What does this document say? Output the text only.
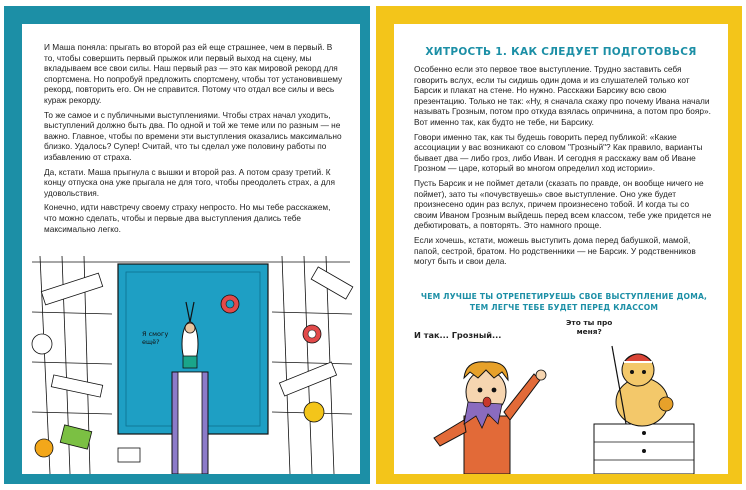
И Маша поняла: прыгать во второй раз ей еще страшнее, чем в первый. В то, чтобы совершить первый прыжок или первый выход на сцену, мы вкладываем все свои силы. Наш первый раз — это как мировой рекорд для спортсмена. Но попробуй предложить спортсмену, чтобы тот установившему рекорд, повторить его. Он не справится. Потому что отдал все силы и весь кураж рекорду.

То же самое и с публичными выступлениями. Чтобы страх начал уходить, выступлений должно быть два. По одной и той же теме или по разным — не важно. Главное, чтобы по времени эти выступления оказались максимально близко. Удалось? Супер! Считай, что ты сделал уже половину работы по избавлению от страха.

Да, кстати. Маша прыгнула с вышки и второй раз. А потом сразу третий. К концу отпуска она уже прыгала не для того, чтобы преодолеть страх, а для удовольствия.

Конечно, идти навстречу своему страху непросто. Но мы тебе расскажем, что можно сделать, чтобы и первые два выступления дались тебе максимально легко.

Я смогу ещё?
ХИТРОСТЬ 1. КАК СЛЕДУЕТ ПОДГОТОВЬСЯ

Особенно если это первое твое выступление. Трудно заставить себя говорить вслух, если ты сидишь один дома и из слушателей только кот Барсик и плакат на стене. Но нужно. Расскажи Барсику всю свою презентацию. Только не так: «Ну, я сначала скажу про почему Ивана начали называть Грозным, потом про откуда взялась опричнина, а потом про бояр». Вот именно так, как будто не тебе, ни Барсику.

Говори именно так, как ты будешь говорить перед публикой: «Какие ассоциации у вас возникают со словом "Грозный"? Как правило, варианты бывает два — либо гроз, либо Иван. И сегодня я расскажу вам об Иване Грозном — царе, который во многом определил ход истории».

Пусть Барсик и не поймет детали (сказать по правде, он вообще ничего не поймет), зато ты «почувствуешь» свое выступление. Оно уже будет произнесено один раз вслух, причем произнесено тобой. И когда ты со своим Иваном Грозным выйдешь перед всем классом, тебе уже придется не дебютировать, а повторять. Это намного проще.

Если хочешь, кстати, можешь выступить дома перед бабушкой, мамой, папой, сестрой, братом. Но родственники — не Барсик. У родственников могут быть и свои дела.

ЧЕМ ЛУЧШЕ ТЫ ОТРЕПЕТИРУЕШЬ СВОЕ ВЫСТУПЛЕНИЕ ДОМА,
ТЕМ ЛЕГЧЕ ТЕБЕ БУДЕТ ПЕРЕД КЛАССОМ
И так... Грозный...
Это ты про
меня?
